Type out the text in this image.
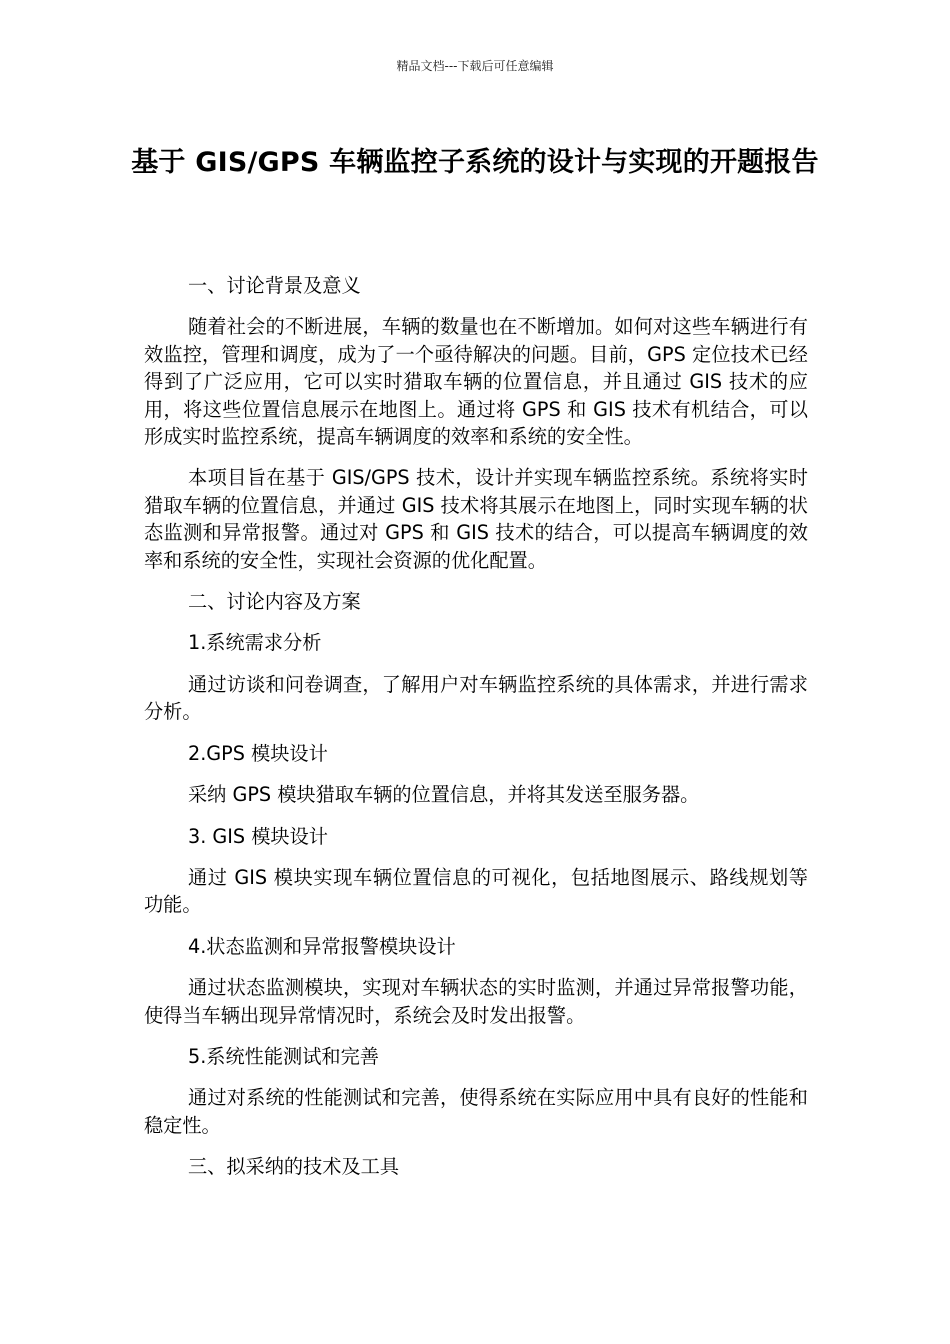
精品文档---下载后可任意编辑
基于 GIS/GPS 车辆监控子系统的设计与实现的开题报告

一、讨论背景及意义

随着社会的不断进展，车辆的数量也在不断增加。如何对这些车辆进行有效监控，管理和调度，成为了一个亟待解决的问题。目前，GPS 定位技术已经得到了广泛应用，它可以实时猎取车辆的位置信息，并且通过 GIS 技术的应用，将这些位置信息展示在地图上。通过将 GPS 和 GIS 技术有机结合，可以形成实时监控系统，提高车辆调度的效率和系统的安全性。

本项目旨在基于 GIS/GPS 技术，设计并实现车辆监控系统。系统将实时猎取车辆的位置信息，并通过 GIS 技术将其展示在地图上，同时实现车辆的状态监测和异常报警。通过对 GPS 和 GIS 技术的结合，可以提高车辆调度的效率和系统的安全性，实现社会资源的优化配置。

二、讨论内容及方案

1.系统需求分析

通过访谈和问卷调查，了解用户对车辆监控系统的具体需求，并进行需求分析。

2.GPS 模块设计

采纳 GPS 模块猎取车辆的位置信息，并将其发送至服务器。

3. GIS 模块设计

通过 GIS 模块实现车辆位置信息的可视化，包括地图展示、路线规划等功能。

4.状态监测和异常报警模块设计

通过状态监测模块，实现对车辆状态的实时监测，并通过异常报警功能，使得当车辆出现异常情况时，系统会及时发出报警。

5.系统性能测试和完善

通过对系统的性能测试和完善，使得系统在实际应用中具有良好的性能和稳定性。

三、拟采纳的技术及工具
